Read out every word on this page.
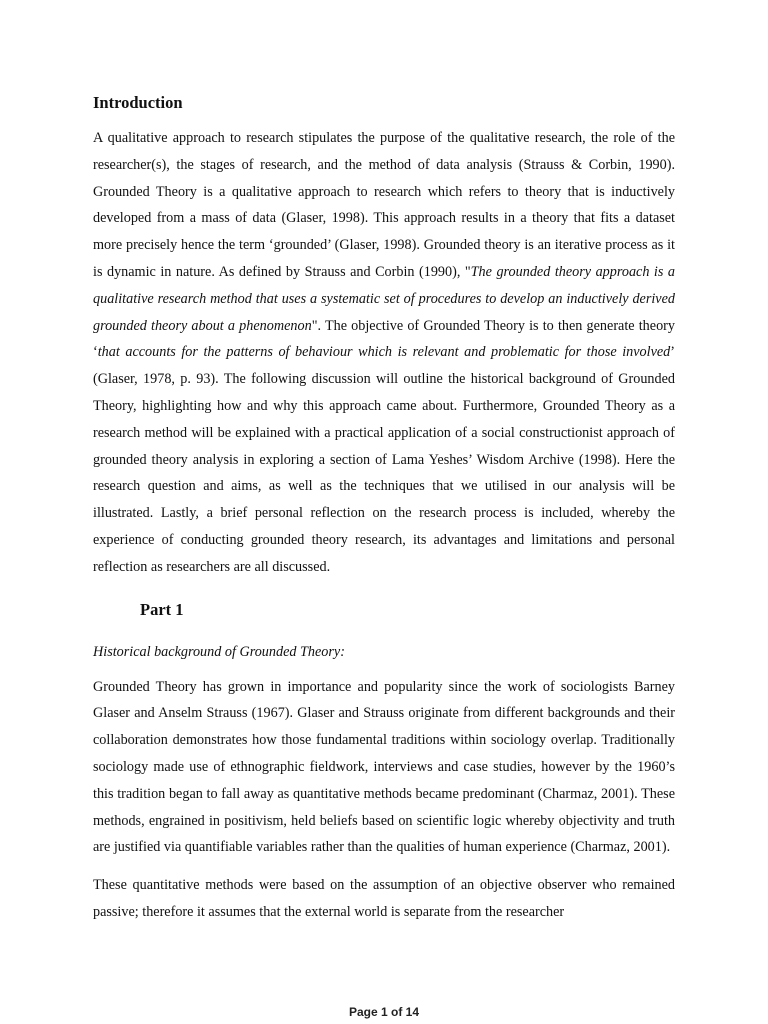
Introduction

A qualitative approach to research stipulates the purpose of the qualitative research, the role of the researcher(s), the stages of research, and the method of data analysis (Strauss & Corbin, 1990). Grounded Theory is a qualitative approach to research which refers to theory that is inductively developed from a mass of data (Glaser, 1998). This approach results in a theory that fits a dataset more precisely hence the term ‘grounded’ (Glaser, 1998). Grounded theory is an iterative process as it is dynamic in nature. As defined by Strauss and Corbin (1990), "The grounded theory approach is a qualitative research method that uses a systematic set of procedures to develop an inductively derived grounded theory about a phenomenon". The objective of Grounded Theory is to then generate theory ‘that accounts for the patterns of behaviour which is relevant and problematic for those involved’ (Glaser, 1978, p. 93). The following discussion will outline the historical background of Grounded Theory, highlighting how and why this approach came about. Furthermore, Grounded Theory as a research method will be explained with a practical application of a social constructionist approach of grounded theory analysis in exploring a section of Lama Yeshes’ Wisdom Archive (1998). Here the research question and aims, as well as the techniques that we utilised in our analysis will be illustrated. Lastly, a brief personal reflection on the research process is included, whereby the experience of conducting grounded theory research, its advantages and limitations and personal reflection as researchers are all discussed.

Part 1
Historical background of Grounded Theory:

Grounded Theory has grown in importance and popularity since the work of sociologists Barney Glaser and Anselm Strauss (1967). Glaser and Strauss originate from different backgrounds and their collaboration demonstrates how those fundamental traditions within sociology overlap. Traditionally sociology made use of ethnographic fieldwork, interviews and case studies, however by the 1960’s this tradition began to fall away as quantitative methods became predominant (Charmaz, 2001). These methods, engrained in positivism, held beliefs based on scientific logic whereby objectivity and truth are justified via quantifiable variables rather than the qualities of human experience (Charmaz, 2001).

These quantitative methods were based on the assumption of an objective observer who remained passive; therefore it assumes that the external world is separate from the researcher

Page 1 of 14
